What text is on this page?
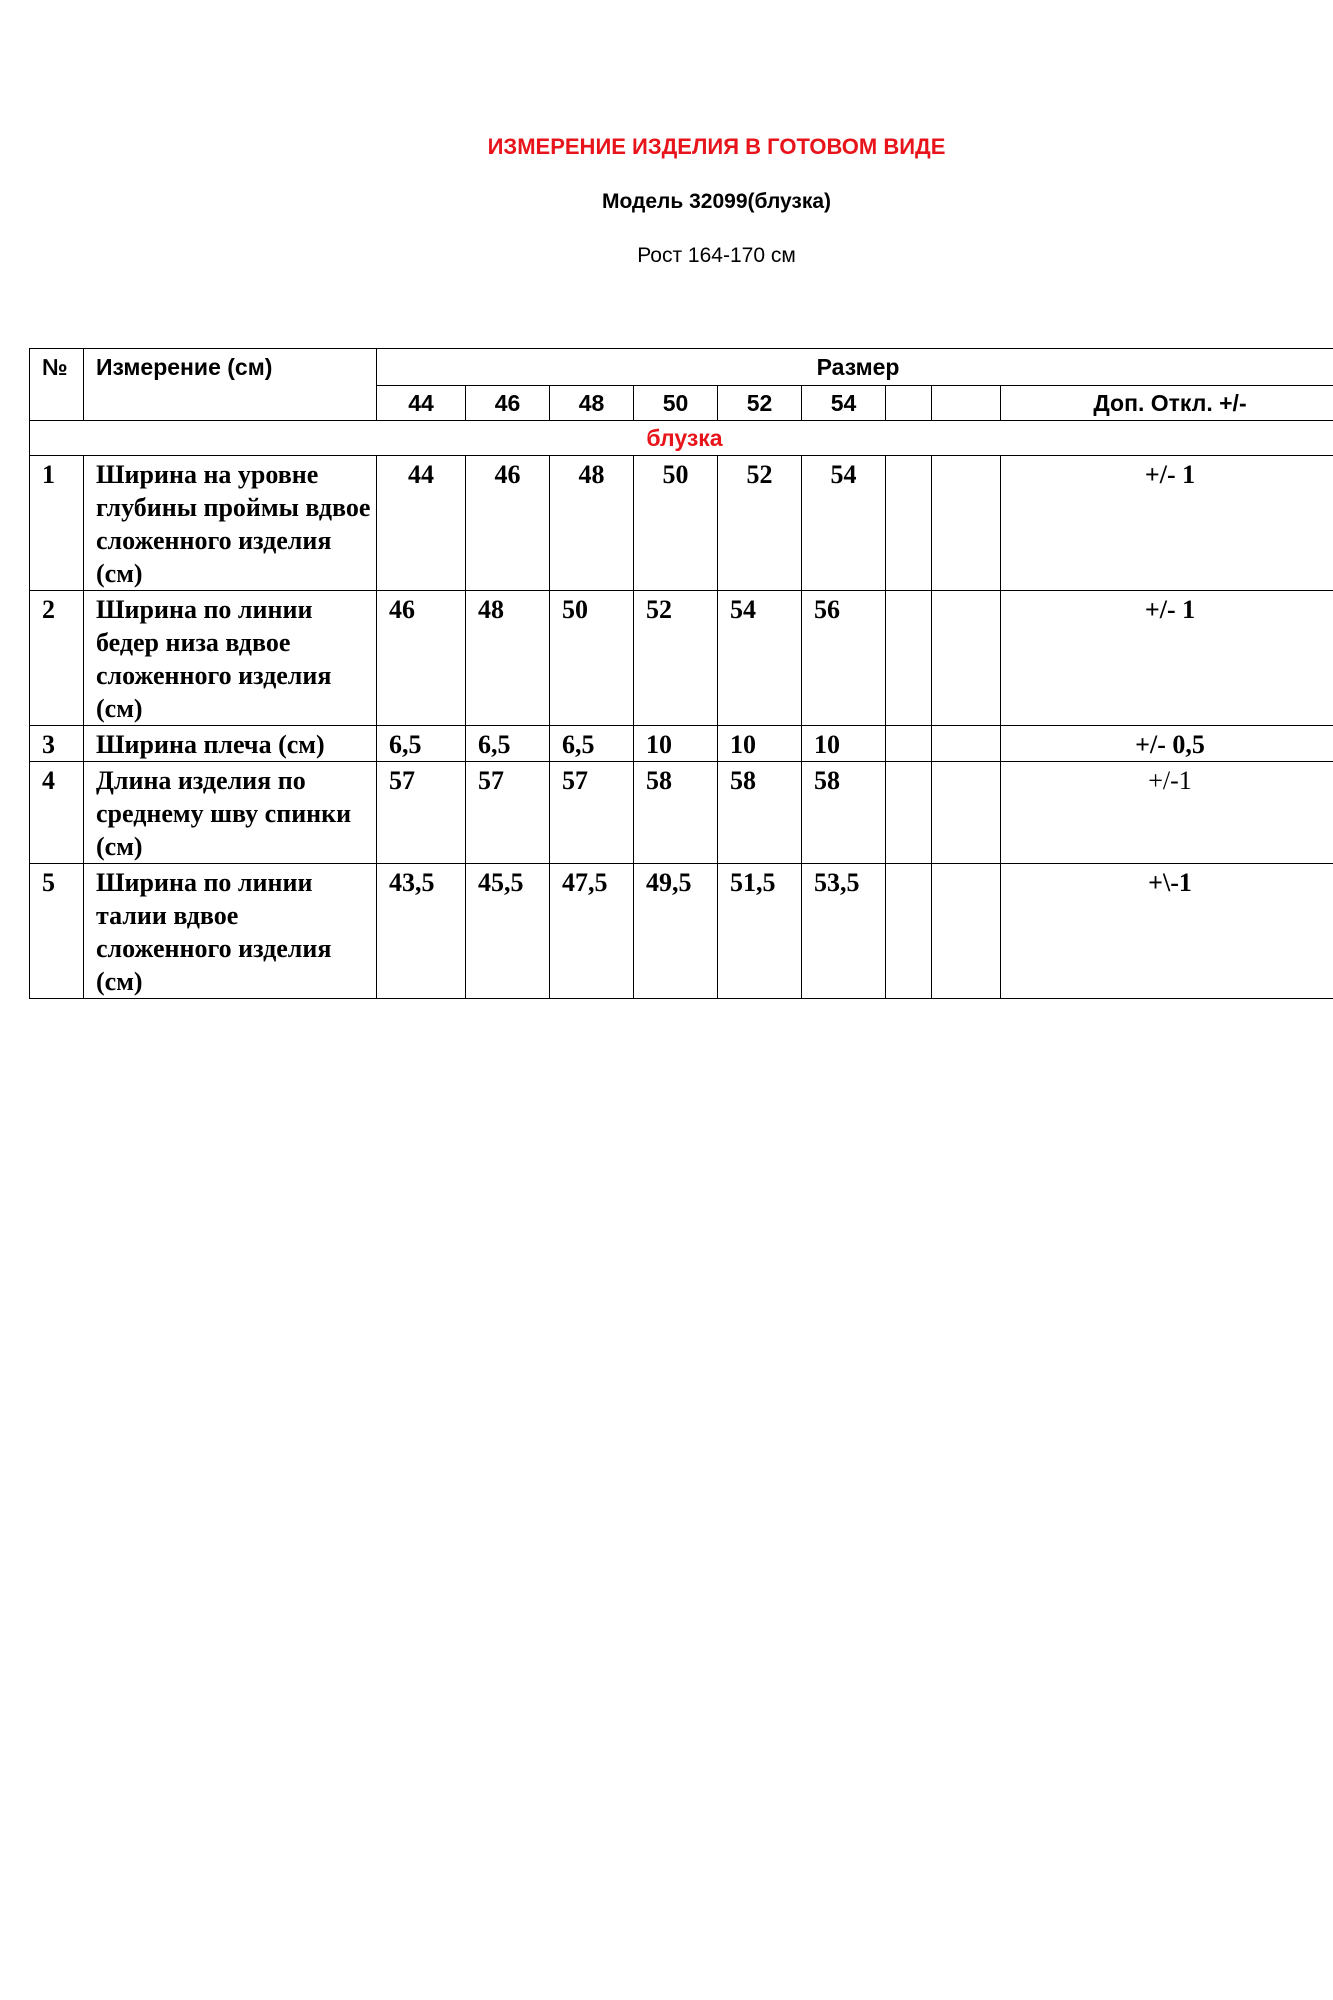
ИЗМЕРЕНИЕ ИЗДЕЛИЯ В ГОТОВОМ ВИДЕ
Модель 32099(блузка)
Рост 164-170 см
№	Измерение (см)	Размер								
		44	46	48	50	52	54			Доп. Откл. +/-
блузка										
1	Ширина на уровне глубины проймы вдвое сложенного изделия (см)	44	46	48	50	52	54			+/- 1
2	Ширина по линии бедер низа вдвое сложенного изделия (см)	46	48	50	52	54	56			+/- 1
3	Ширина плеча (см)	6,5	6,5	6,5	10	10	10			+/- 0,5
4	Длина изделия по среднему шву спинки (см)	57	57	57	58	58	58			+/-1
5	Ширина по линии талии вдвое сложенного изделия (см)	43,5	45,5	47,5	49,5	51,5	53,5			+\-1
